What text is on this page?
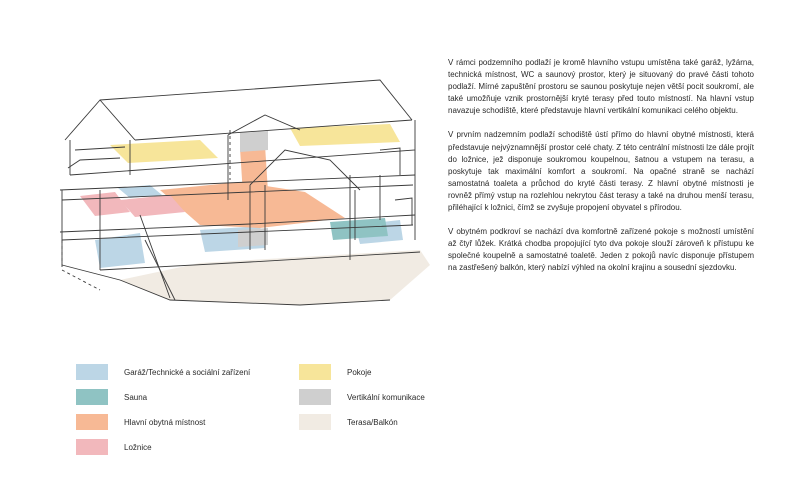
V rámci podzemního podlaží je kromě hlavního vstupu umístěna také garáž, lyžárna, technická místnost, WC a saunový prostor, který je situovaný do pravé části tohoto podlaží. Mírné zapuštění prostoru se saunou poskytuje nejen větší pocit soukromí, ale také umožňuje vznik prostornější kryté terasy před touto místností. Na hlavní vstup navazuje schodiště, které představuje hlavní vertikální komunikaci celého objektu.

V prvním nadzemním podlaží schodiště ústí přímo do hlavní obytné místnosti, která představuje nejvýznamnější prostor celé chaty. Z této centrální místnosti lze dále projít do ložnice, jež disponuje soukromou koupelnou, šatnou a vstupem na terasu, a poskytuje tak maximální komfort a soukromí. Na opačné straně se nachází samostatná toaleta a průchod do kryté části terasy. Z hlavní obytné místnosti je rovněž přímý vstup na rozlehlou nekrytou část terasy a také na druhou menší terasu, přiléhající k ložnici, čímž se zvyšuje propojení obyvatel s přírodou.

V obytném podkroví se nachází dva komfortně zařízené pokoje s možností umístění až čtyř lůžek. Krátká chodba propojující tyto dva pokoje slouží zároveň k přístupu ke společné koupelně a samostatné toaletě. Jeden z pokojů navíc disponuje přístupem na zastřešený balkón, který nabízí výhled na okolní krajinu a sousední sjezdovku.

Garáž/Technické a sociální zařízení
Sauna
Hlavní obytná místnost
Ložnice
Pokoje
Vertikální komunikace
Terasa/Balkón
